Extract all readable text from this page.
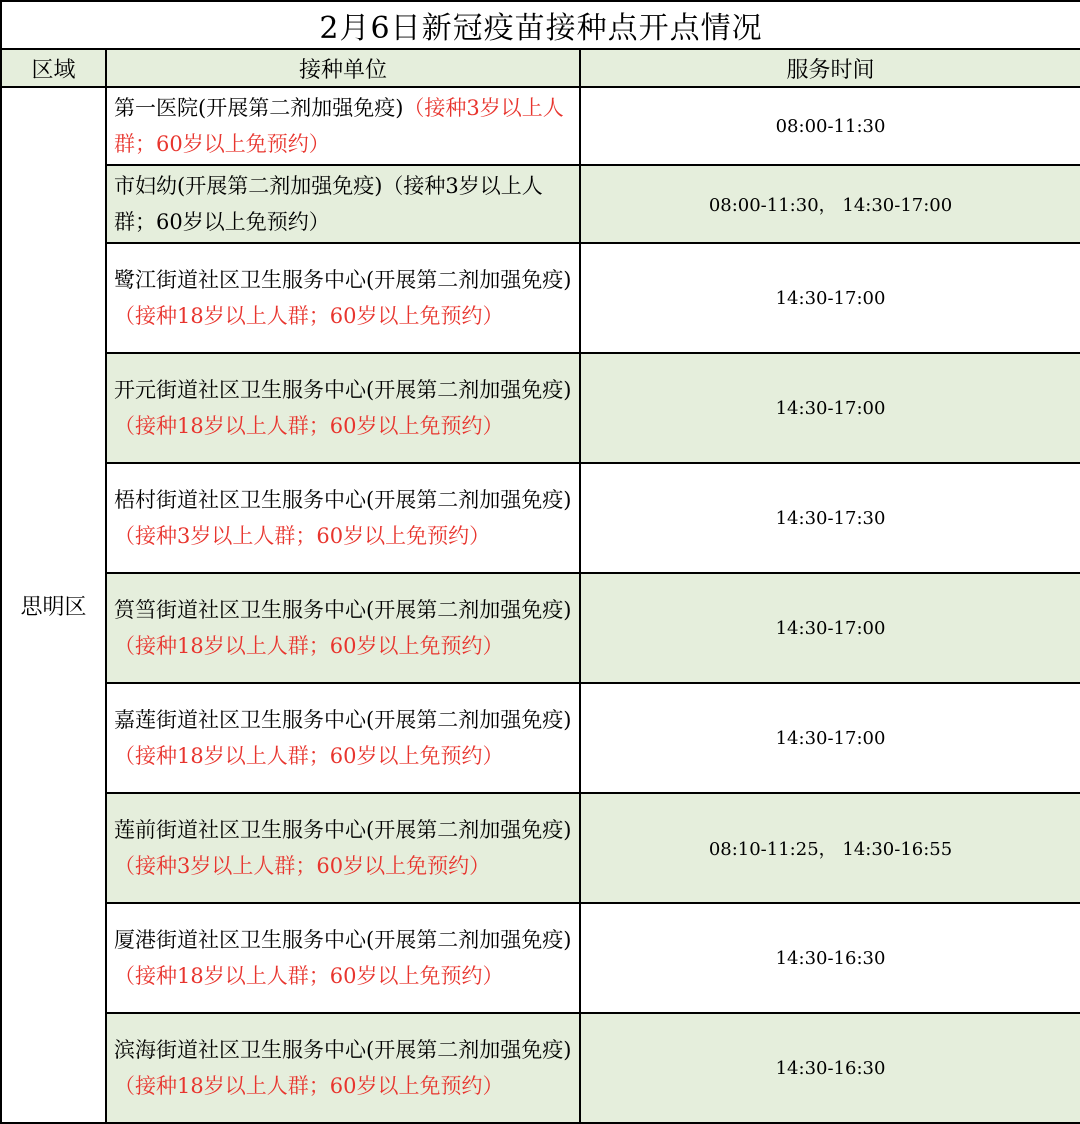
2月6日新冠疫苗接种点开点情况		
区域	接种单位	服务时间
思明区	第一医院(开展第二剂加强免疫)（接种3岁以上人群；60岁以上免预约）	08:00-11:30
	市妇幼(开展第二剂加强免疫)（接种3岁以上人群；60岁以上免预约）	08:00-11:30， 14:30-17:00
	鹭江街道社区卫生服务中心(开展第二剂加强免疫)（接种18岁以上人群；60岁以上免预约）	14:30-17:00
	开元街道社区卫生服务中心(开展第二剂加强免疫)（接种18岁以上人群；60岁以上免预约）	14:30-17:00
	梧村街道社区卫生服务中心(开展第二剂加强免疫)（接种3岁以上人群；60岁以上免预约）	14:30-17:30
	筼筜街道社区卫生服务中心(开展第二剂加强免疫)（接种18岁以上人群；60岁以上免预约）	14:30-17:00
	嘉莲街道社区卫生服务中心(开展第二剂加强免疫)（接种18岁以上人群；60岁以上免预约）	14:30-17:00
	莲前街道社区卫生服务中心(开展第二剂加强免疫)（接种3岁以上人群；60岁以上免预约）	08:10-11:25， 14:30-16:55
	厦港街道社区卫生服务中心(开展第二剂加强免疫)（接种18岁以上人群；60岁以上免预约）	14:30-16:30
	滨海街道社区卫生服务中心(开展第二剂加强免疫)（接种18岁以上人群；60岁以上免预约）	14:30-16:30
